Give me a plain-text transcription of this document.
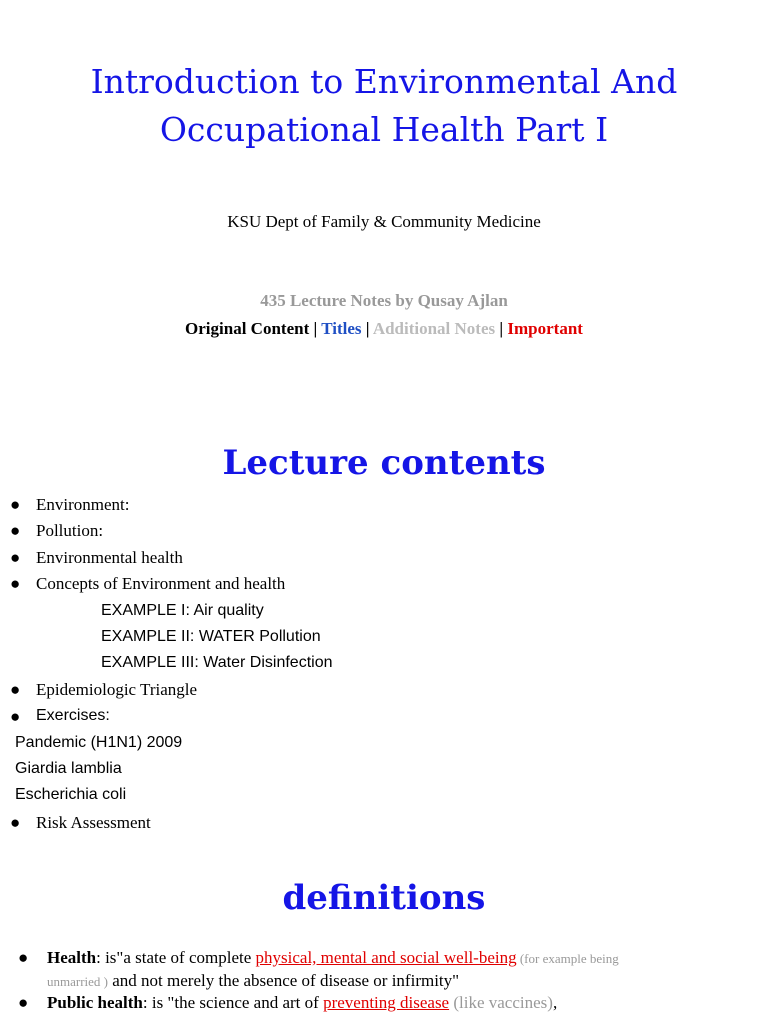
Introduction to Environmental And
Occupational Health Part I
KSU Dept of Family & Community Medicine
435 Lecture Notes by Qusay Ajlan
Original Content | Titles | Additional Notes | Important
Lecture contents
● Environment:
● Pollution:
● Environmental health
● Concepts of Environment and health
EXAMPLE I: Air quality
EXAMPLE II: WATER Pollution
EXAMPLE III: Water Disinfection
● Epidemiologic Triangle
● Exercises:
Pandemic (H1N1) 2009
Giardia lamblia
Escherichia coli
● Risk Assessment
definitions
● Health: is"a state of complete physical, mental and social well-being (for example being
unmarried ) and not merely the absence of disease or infirmity"
● Public health: is "the science and art of preventing disease (like vaccines),
